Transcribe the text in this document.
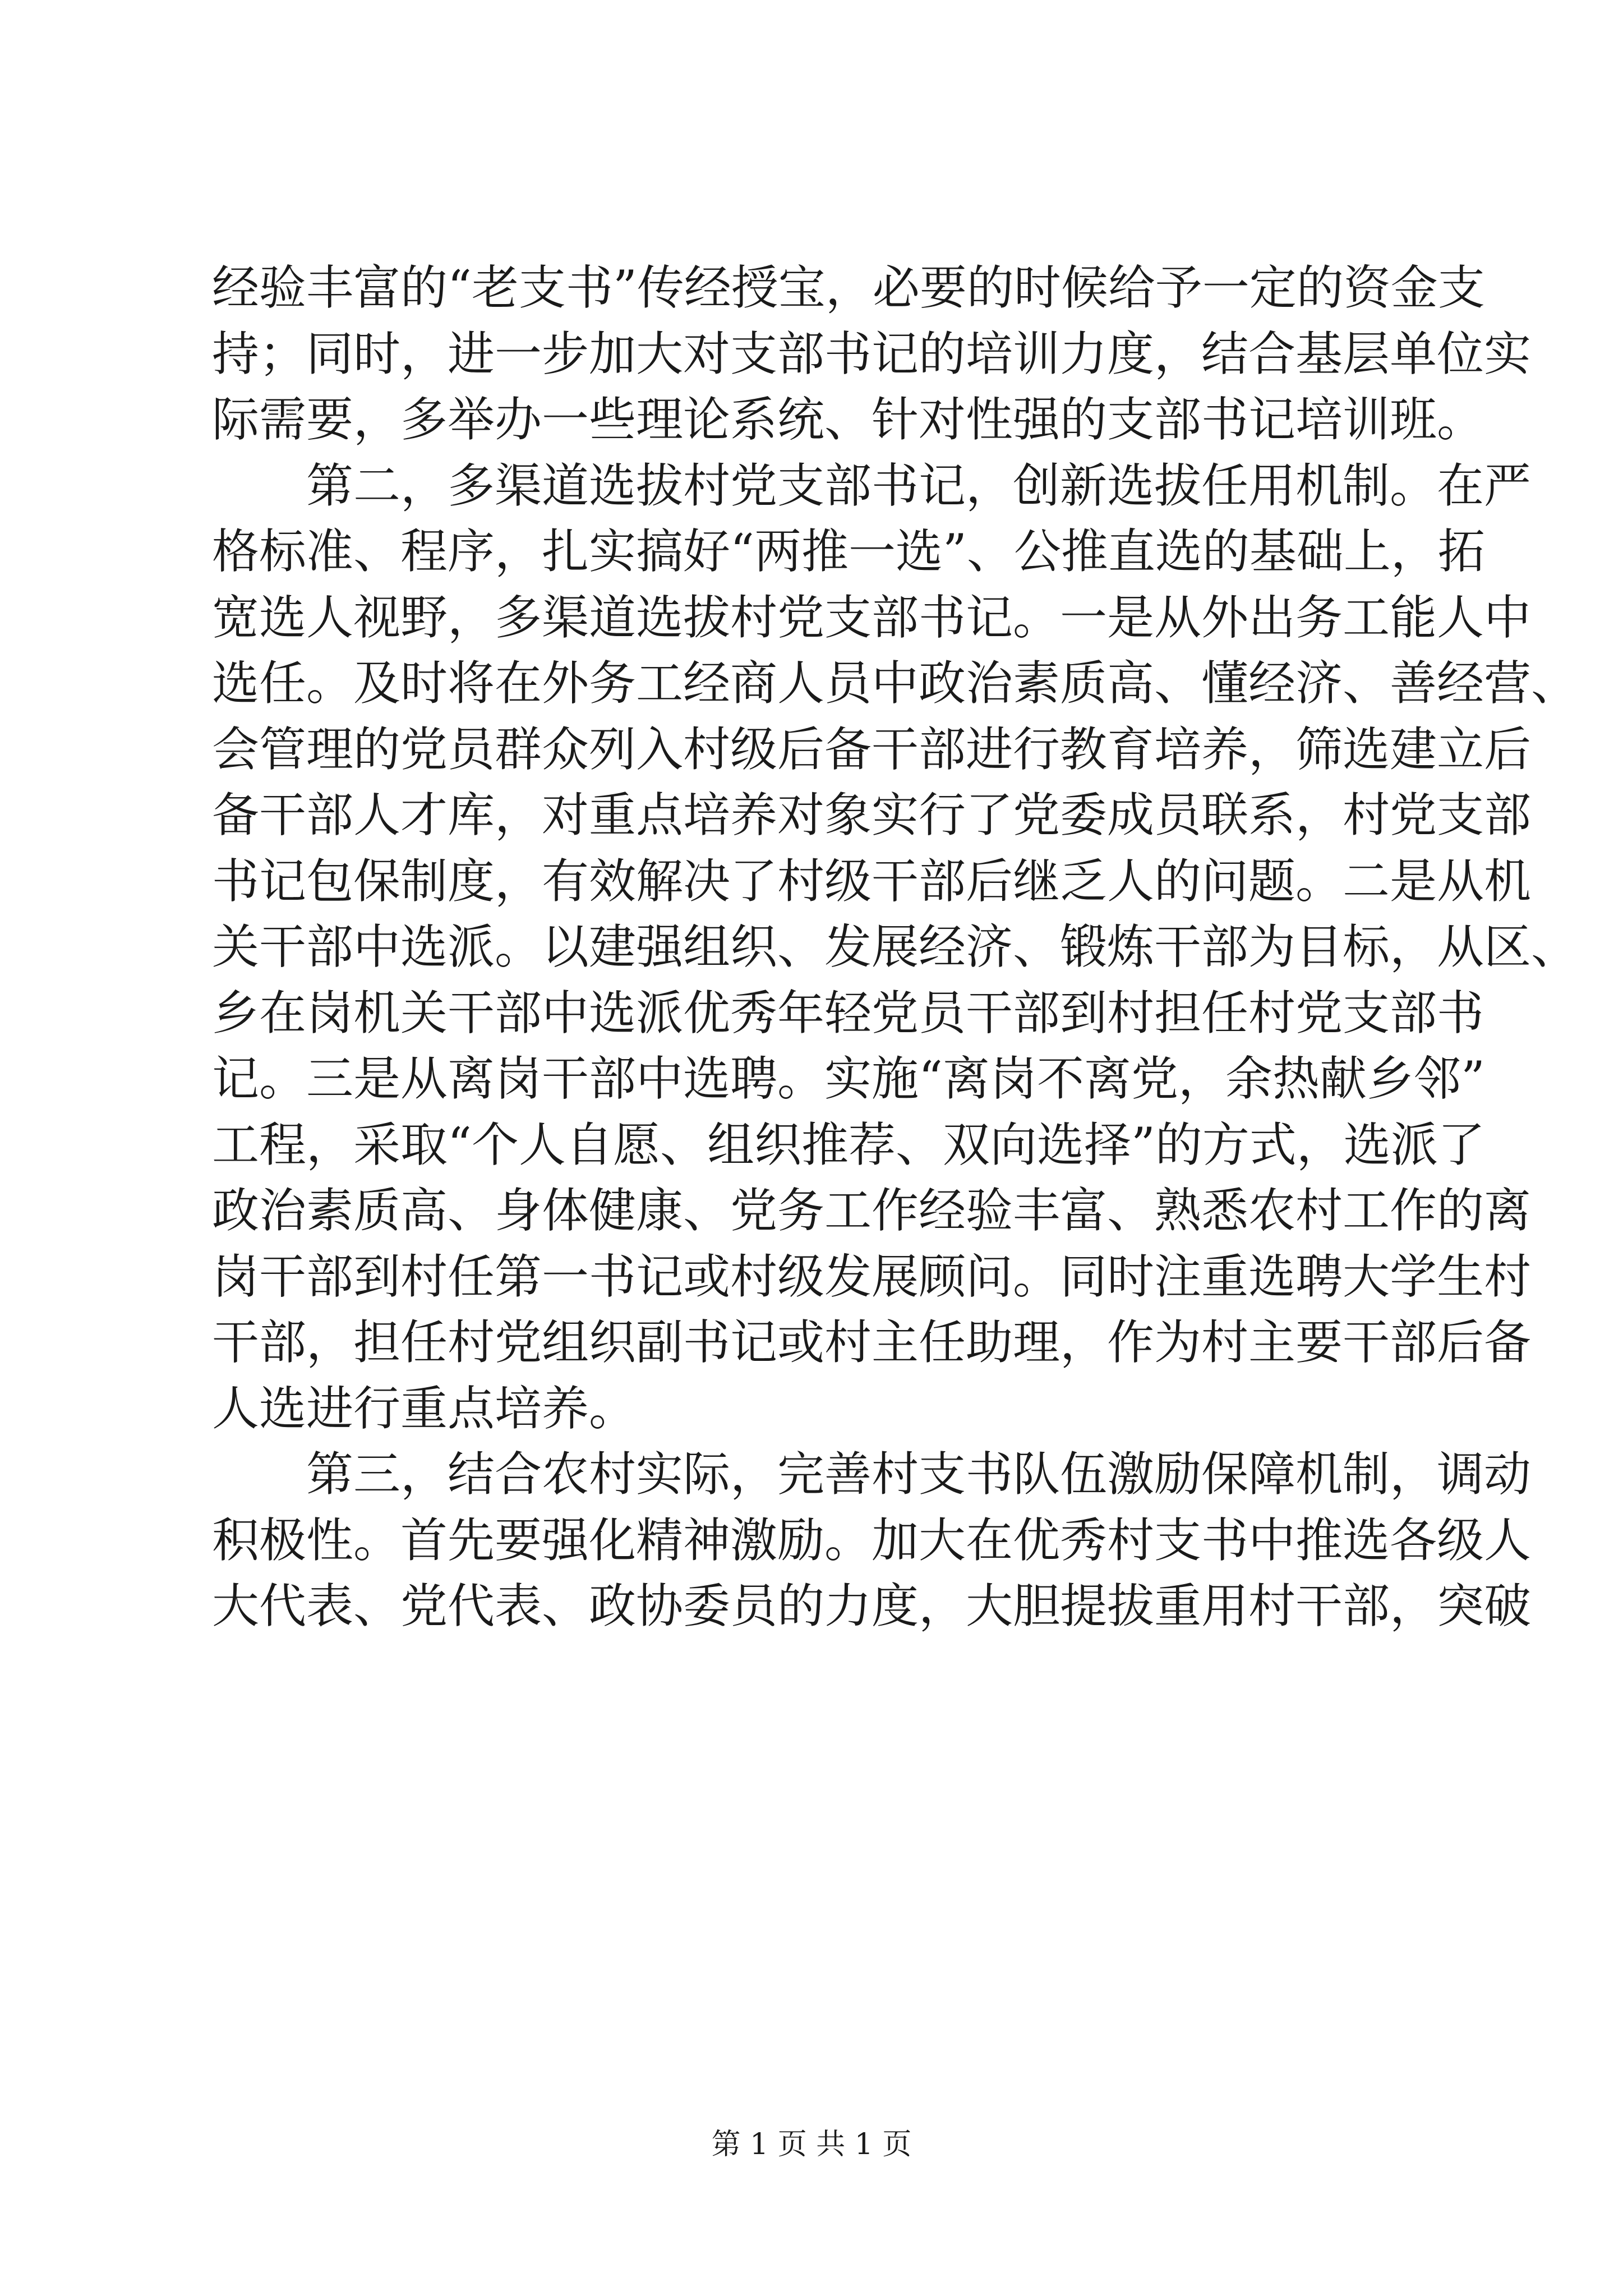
经验丰富的“老支书”传经授宝，必要的时候给予一定的资金支
持；同时，进一步加大对支部书记的培训力度，结合基层单位实
际需要，多举办一些理论系统、针对性强的支部书记培训班。

　　第二，多渠道选拔村党支部书记，创新选拔任用机制。在严
格标准、程序，扎实搞好“两推一选”、公推直选的基础上，拓
宽选人视野，多渠道选拔村党支部书记。一是从外出务工能人中
选任。及时将在外务工经商人员中政治素质高、懂经济、善经营、
会管理的党员群众列入村级后备干部进行教育培养，筛选建立后
备干部人才库，对重点培养对象实行了党委成员联系，村党支部
书记包保制度，有效解决了村级干部后继乏人的问题。二是从机
关干部中选派。以建强组织、发展经济、锻炼干部为目标，从区、
乡在岗机关干部中选派优秀年轻党员干部到村担任村党支部书
记。三是从离岗干部中选聘。实施“离岗不离党，余热献乡邻”
工程，采取“个人自愿、组织推荐、双向选择”的方式，选派了
政治素质高、身体健康、党务工作经验丰富、熟悉农村工作的离
岗干部到村任第一书记或村级发展顾问。同时注重选聘大学生村
干部，担任村党组织副书记或村主任助理，作为村主要干部后备
人选进行重点培养。

　　第三，结合农村实际，完善村支书队伍激励保障机制，调动
积极性。首先要强化精神激励。加大在优秀村支书中推选各级人
大代表、党代表、政协委员的力度，大胆提拔重用村干部，突破

第 1 页 共 1 页
